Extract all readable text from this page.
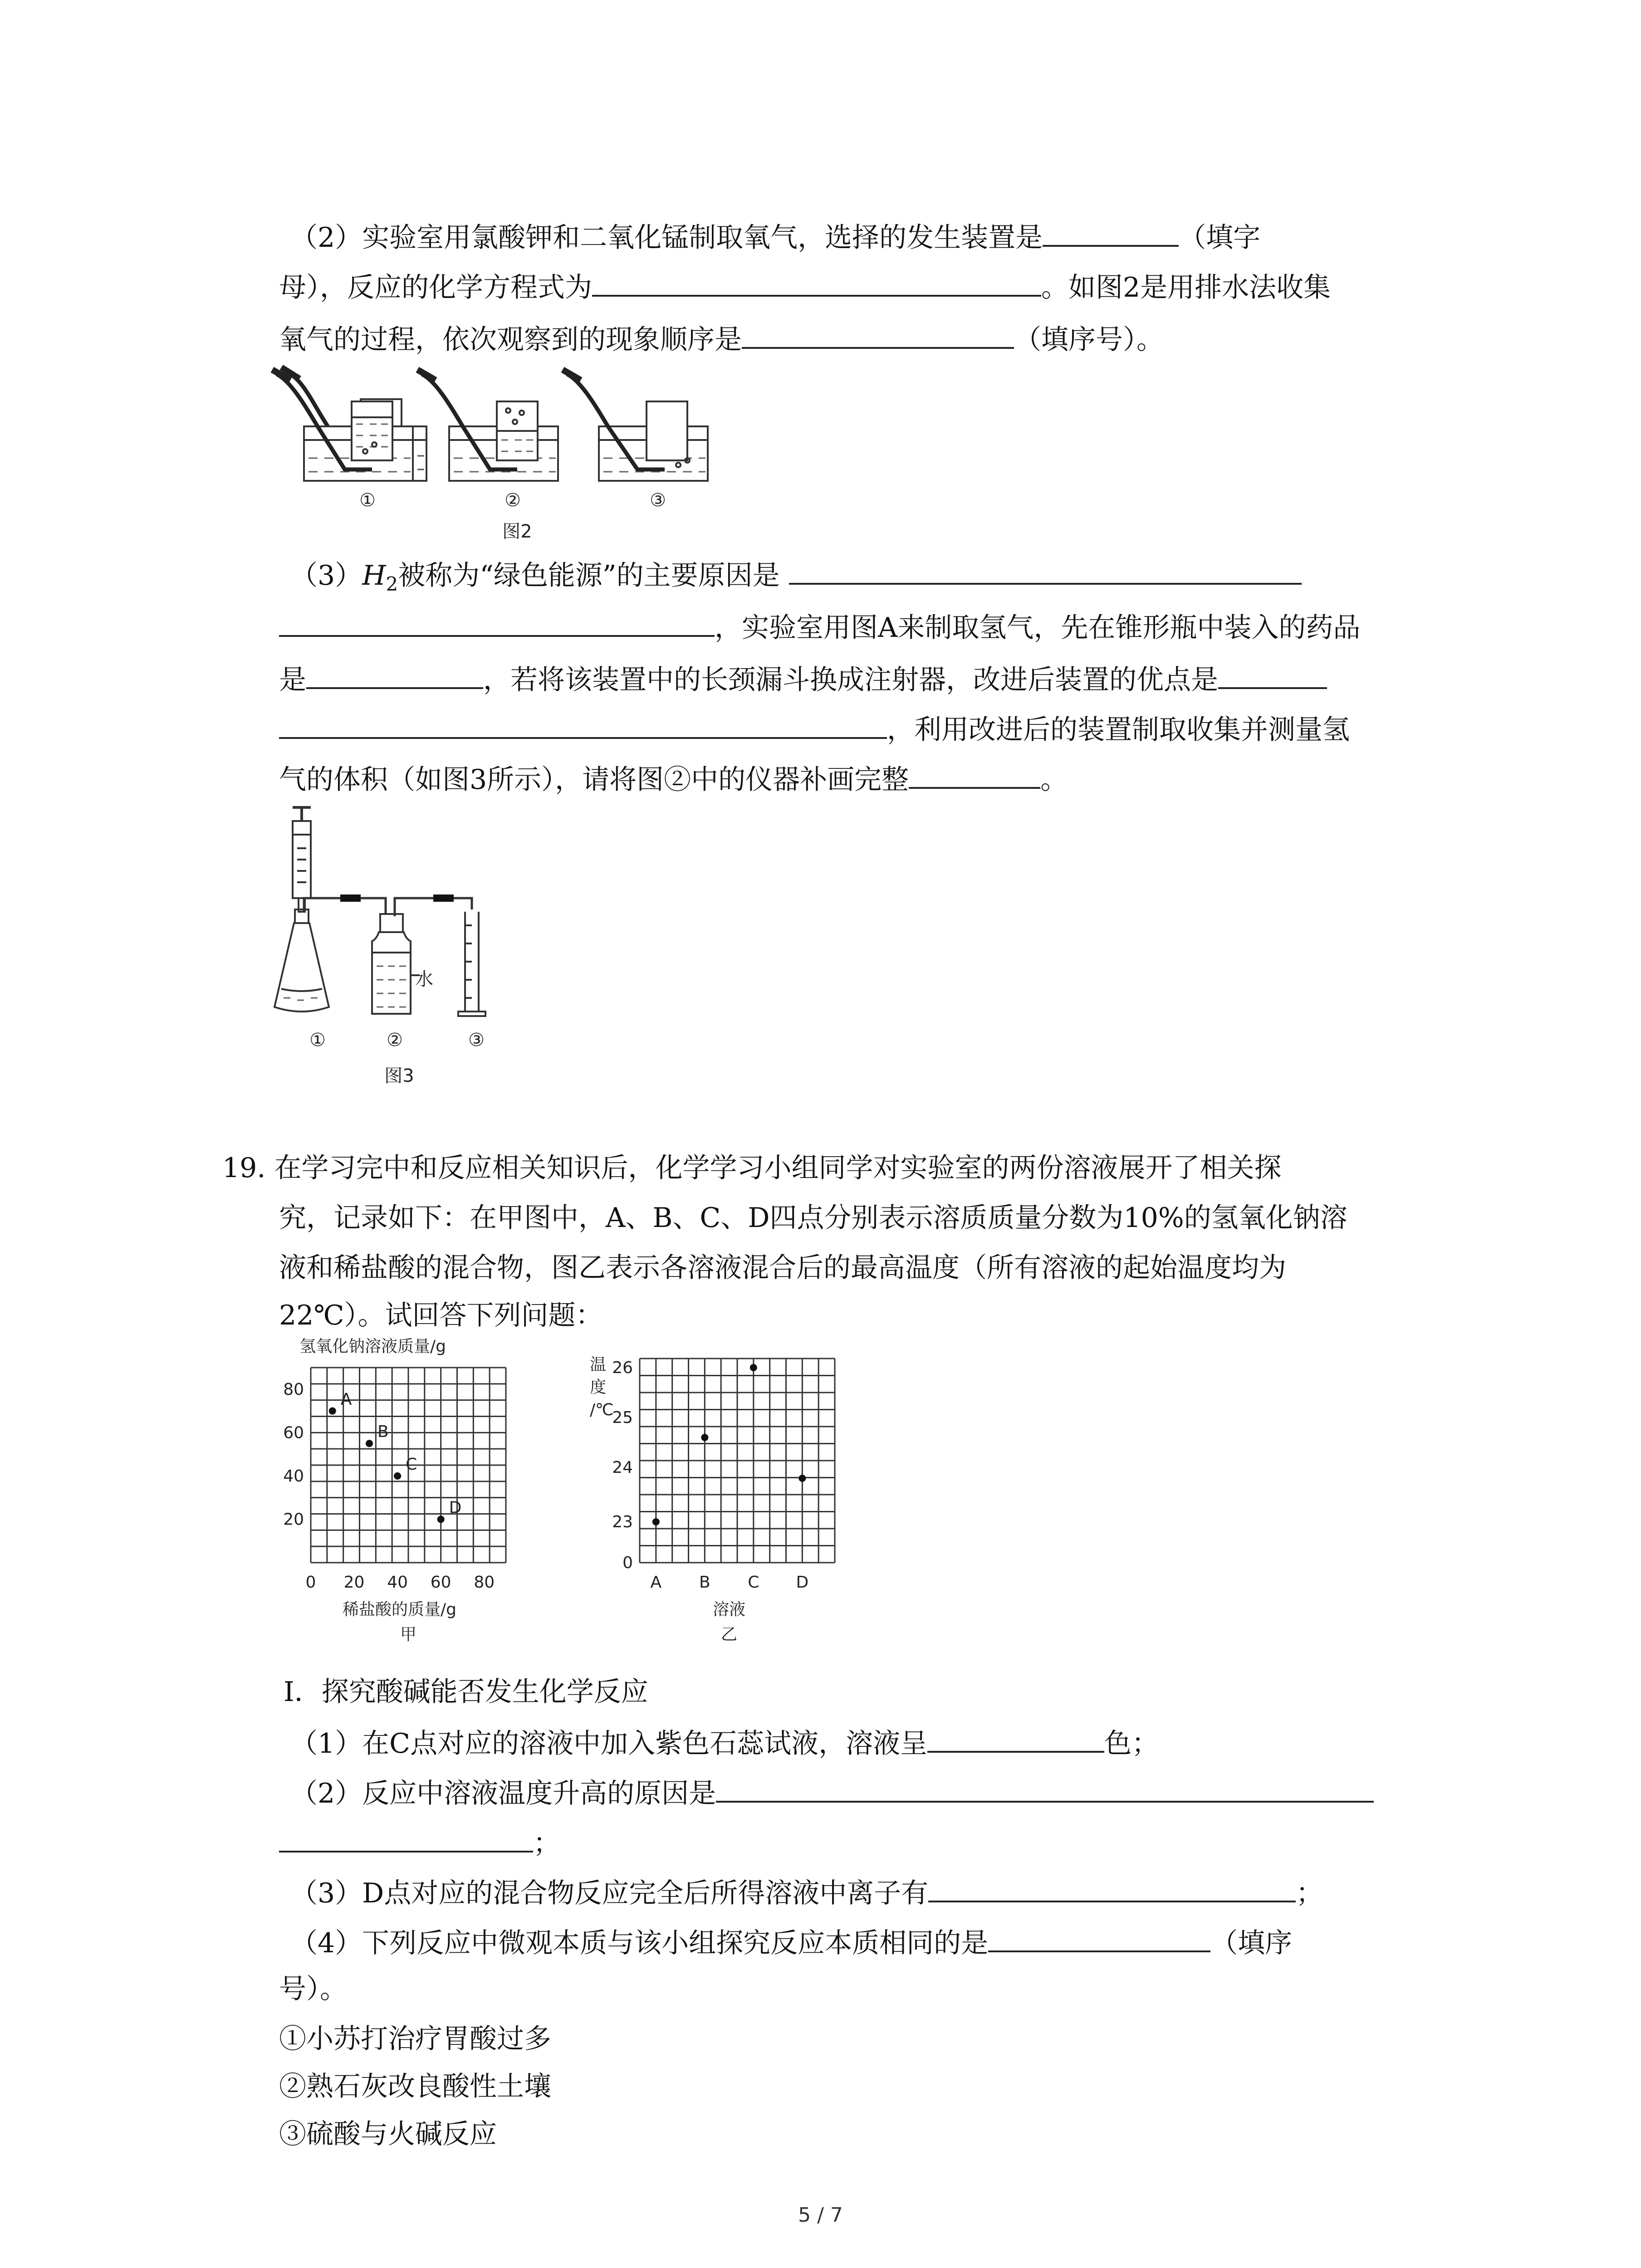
（2）实验室用氯酸钾和二氧化锰制取氧气，选择的发生装置是	（填字
母），反应的化学方程式为	。如图2是用排水法收集
氧气的过程，依次观察到的现象顺序是	（填序号）。
①	②	③
图2
$(3)H_2$被称为“绿色能源”的主要原因是
，实验室用图A来制取氢气，先在锥形瓶中装入的药品
是	，若将该装置中的长颈漏斗换成注射器，改进后装置的优点是
，利用改进后的装置制取收集并测量氢
气的体积（如图3所示），请将图②中的仪器补画完整	。
水
①	②	③
图3
19. 在学习完中和反应相关知识后，化学学习小组同学对实验室的两份溶液展开了相关探
究，记录如下：在甲图中，A、B、C、D四点分别表示溶质质量分数为10%的氢氧化钠溶
液和稀盐酸的混合物，图乙表示各溶液混合后的最高温度（所有溶液的起始温度均为
22℃）。试回答下列问题：
氢氧化钠溶液质量/g
0 20 40 60 80
20
40
60
80
A
B
C
D
稀盐酸的质量/g
甲
0
23
24
25
26
温
度
/℃
A B C D
溶液
乙
Ⅰ．探究酸碱能否发生化学反应
（1）在C点对应的溶液中加入紫色石蕊试液，溶液呈	色；
（2）反应中溶液温度升高的原因是
；
（3）D点对应的混合物反应完全后所得溶液中离子有	；
（4）下列反应中微观本质与该小组探究反应本质相同的是	（填序
号）。
①小苏打治疗胃酸过多
②熟石灰改良酸性土壤
③硫酸与火碱反应
5 / 7
